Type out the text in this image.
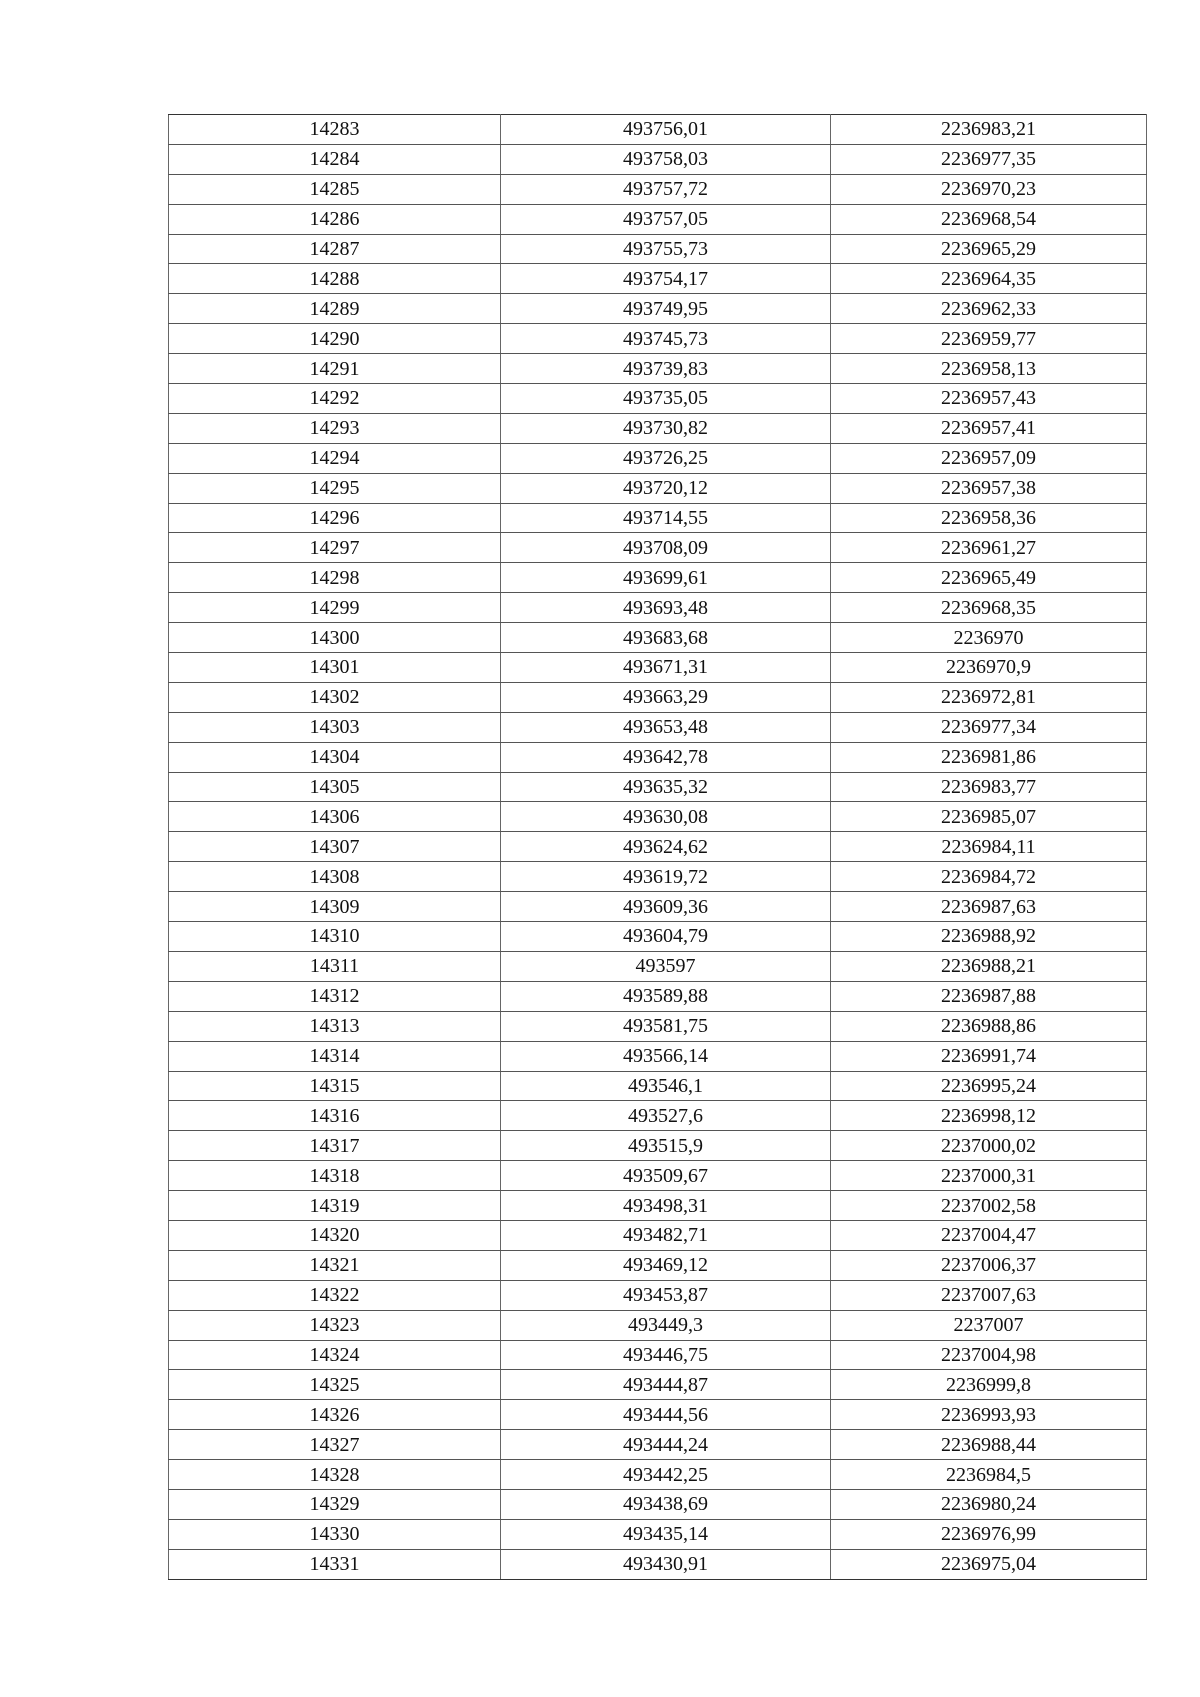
14283	493756,01	2236983,21
14284	493758,03	2236977,35
14285	493757,72	2236970,23
14286	493757,05	2236968,54
14287	493755,73	2236965,29
14288	493754,17	2236964,35
14289	493749,95	2236962,33
14290	493745,73	2236959,77
14291	493739,83	2236958,13
14292	493735,05	2236957,43
14293	493730,82	2236957,41
14294	493726,25	2236957,09
14295	493720,12	2236957,38
14296	493714,55	2236958,36
14297	493708,09	2236961,27
14298	493699,61	2236965,49
14299	493693,48	2236968,35
14300	493683,68	2236970
14301	493671,31	2236970,9
14302	493663,29	2236972,81
14303	493653,48	2236977,34
14304	493642,78	2236981,86
14305	493635,32	2236983,77
14306	493630,08	2236985,07
14307	493624,62	2236984,11
14308	493619,72	2236984,72
14309	493609,36	2236987,63
14310	493604,79	2236988,92
14311	493597	2236988,21
14312	493589,88	2236987,88
14313	493581,75	2236988,86
14314	493566,14	2236991,74
14315	493546,1	2236995,24
14316	493527,6	2236998,12
14317	493515,9	2237000,02
14318	493509,67	2237000,31
14319	493498,31	2237002,58
14320	493482,71	2237004,47
14321	493469,12	2237006,37
14322	493453,87	2237007,63
14323	493449,3	2237007
14324	493446,75	2237004,98
14325	493444,87	2236999,8
14326	493444,56	2236993,93
14327	493444,24	2236988,44
14328	493442,25	2236984,5
14329	493438,69	2236980,24
14330	493435,14	2236976,99
14331	493430,91	2236975,04
